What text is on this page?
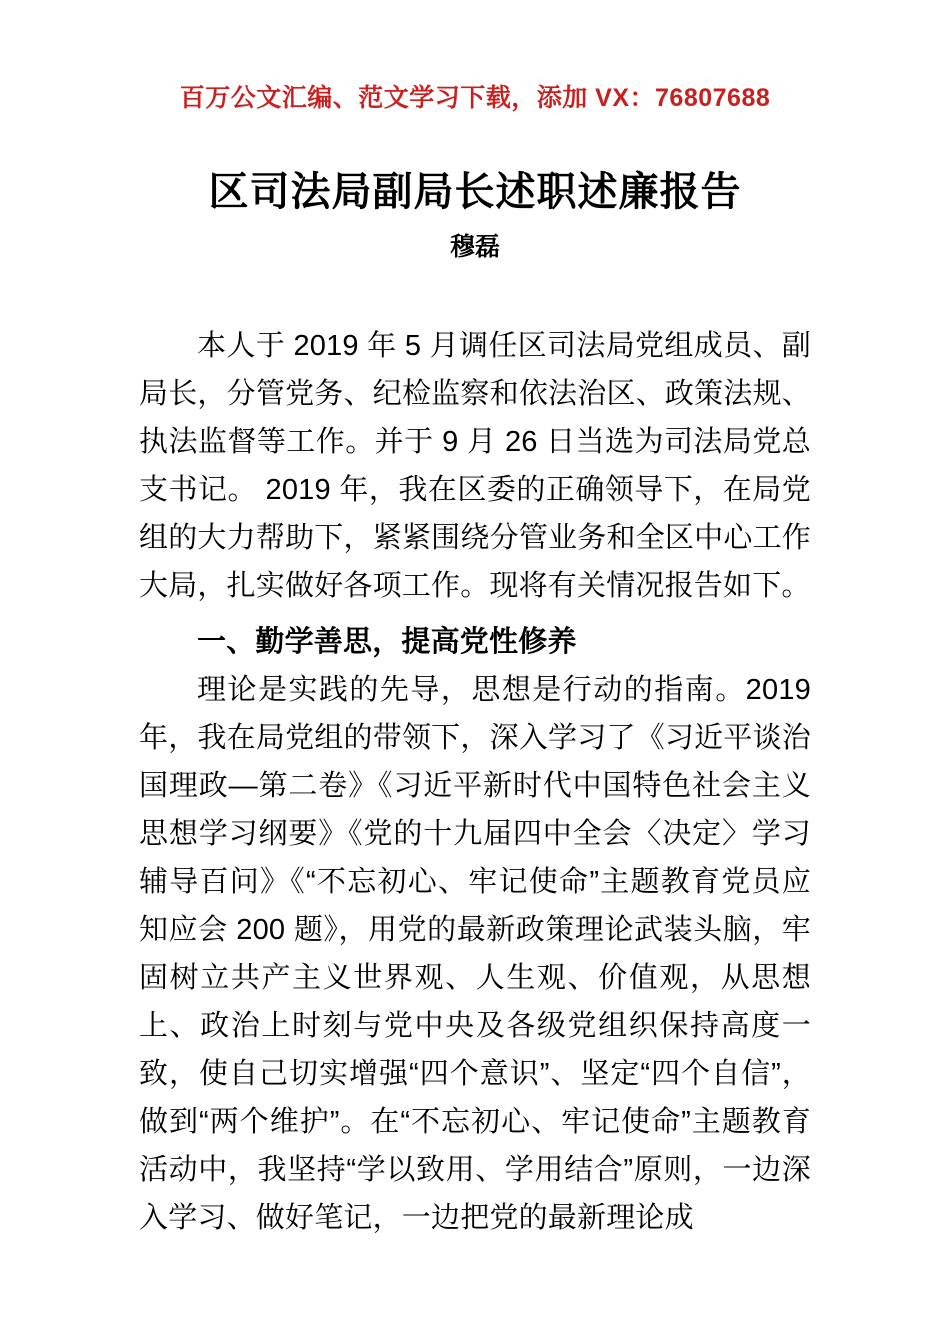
百万公文汇编、范文学习下载，添加 VX：76807688
区司法局副局长述职述廉报告
穆磊

本人于 2019 年 5 月调任区司法局党组成员、副局长，分管党务、纪检监察和依法治区、政策法规、执法监督等工作。并于 9 月 26 日当选为司法局党总支书记。 2019 年，我在区委的正确领导下，在局党组的大力帮助下，紧紧围绕分管业务和全区中心工作大局，扎实做好各项工作。现将有关情况报告如下。

一、勤学善思，提高党性修养

理论是实践的先导，思想是行动的指南。2019 年，我在局党组的带领下，深入学习了《习近平谈治国理政—第二卷》《习近平新时代中国特色社会主义思想学习纲要》《党的十九届四中全会〈决定〉学习辅导百问》《“不忘初心、牢记使命”主题教育党员应知应会 200 题》，用党的最新政策理论武装头脑，牢固树立共产主义世界观、人生观、价值观，从思想上、政治上时刻与党中央及各级党组织保持高度一致，使自己切实增强“四个意识”、坚定“四个自信”，做到“两个维护”。在“不忘初心、牢记使命”主题教育活动中，我坚持“学以致用、学用结合”原则，一边深入学习、做好笔记，一边把党的最新理论成
